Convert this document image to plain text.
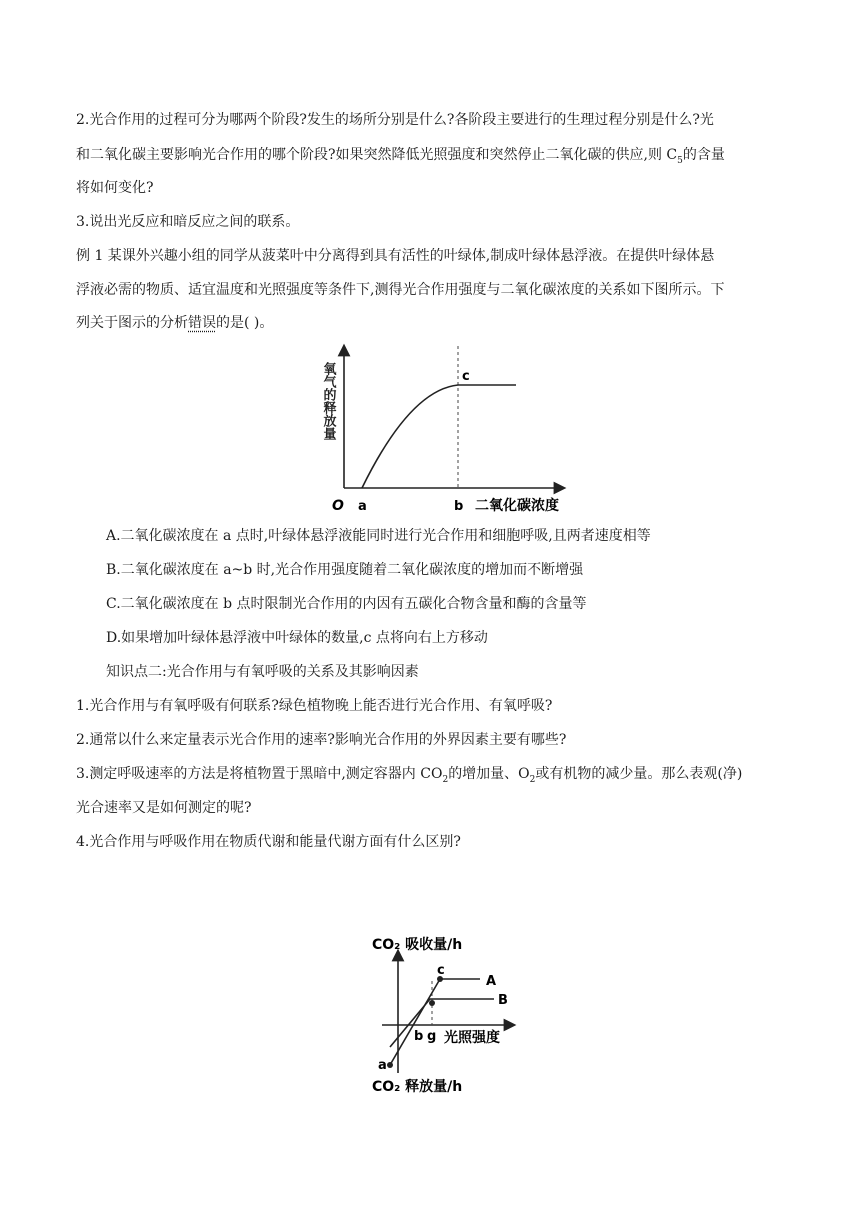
2.光合作用的过程可分为哪两个阶段?发生的场所分别是什么?各阶段主要进行的生理过程分别是什么?光

和二氧化碳主要影响光合作用的哪个阶段?如果突然降低光照强度和突然停止二氧化碳的供应,则 $C_5$的含量

将如何变化?

3.说出光反应和暗反应之间的联系。

例 1 某课外兴趣小组的同学从菠菜叶中分离得到具有活性的叶绿体,制成叶绿体悬浮液。在提供叶绿体悬

浮液必需的物质、适宜温度和光照强度等条件下,测得光合作用强度与二氧化碳浓度的关系如下图所示。下

列关于图示的分析错误的是( )。

氧气的释放量
O a	b
c
二氧化碳浓度

A.二氧化碳浓度在 a 点时,叶绿体悬浮液能同时进行光合作用和细胞呼吸,且两者速度相等

B.二氧化碳浓度在 a~b 时,光合作用强度随着二氧化碳浓度的增加而不断增强

C.二氧化碳浓度在 b 点时限制光合作用的内因有五碳化合物含量和酶的含量等

D.如果增加叶绿体悬浮液中叶绿体的数量,c 点将向右上方移动

知识点二:光合作用与有氧呼吸的关系及其影响因素

1.光合作用与有氧呼吸有何联系?绿色植物晚上能否进行光合作用、有氧呼吸?

2.通常以什么来定量表示光合作用的速率?影响光合作用的外界因素主要有哪些?

3.测定呼吸速率的方法是将植物置于黑暗中,测定容器内 $CO_2$的增加量、$O_2$或有机物的减少量。那么表观(净)

光合速率又是如何测定的呢?

4.光合作用与呼吸作用在物质代谢和能量代谢方面有什么区别?

CO₂ 吸收量/h
a
c
A
B
b g 光照强度
CO₂ 释放量/h
